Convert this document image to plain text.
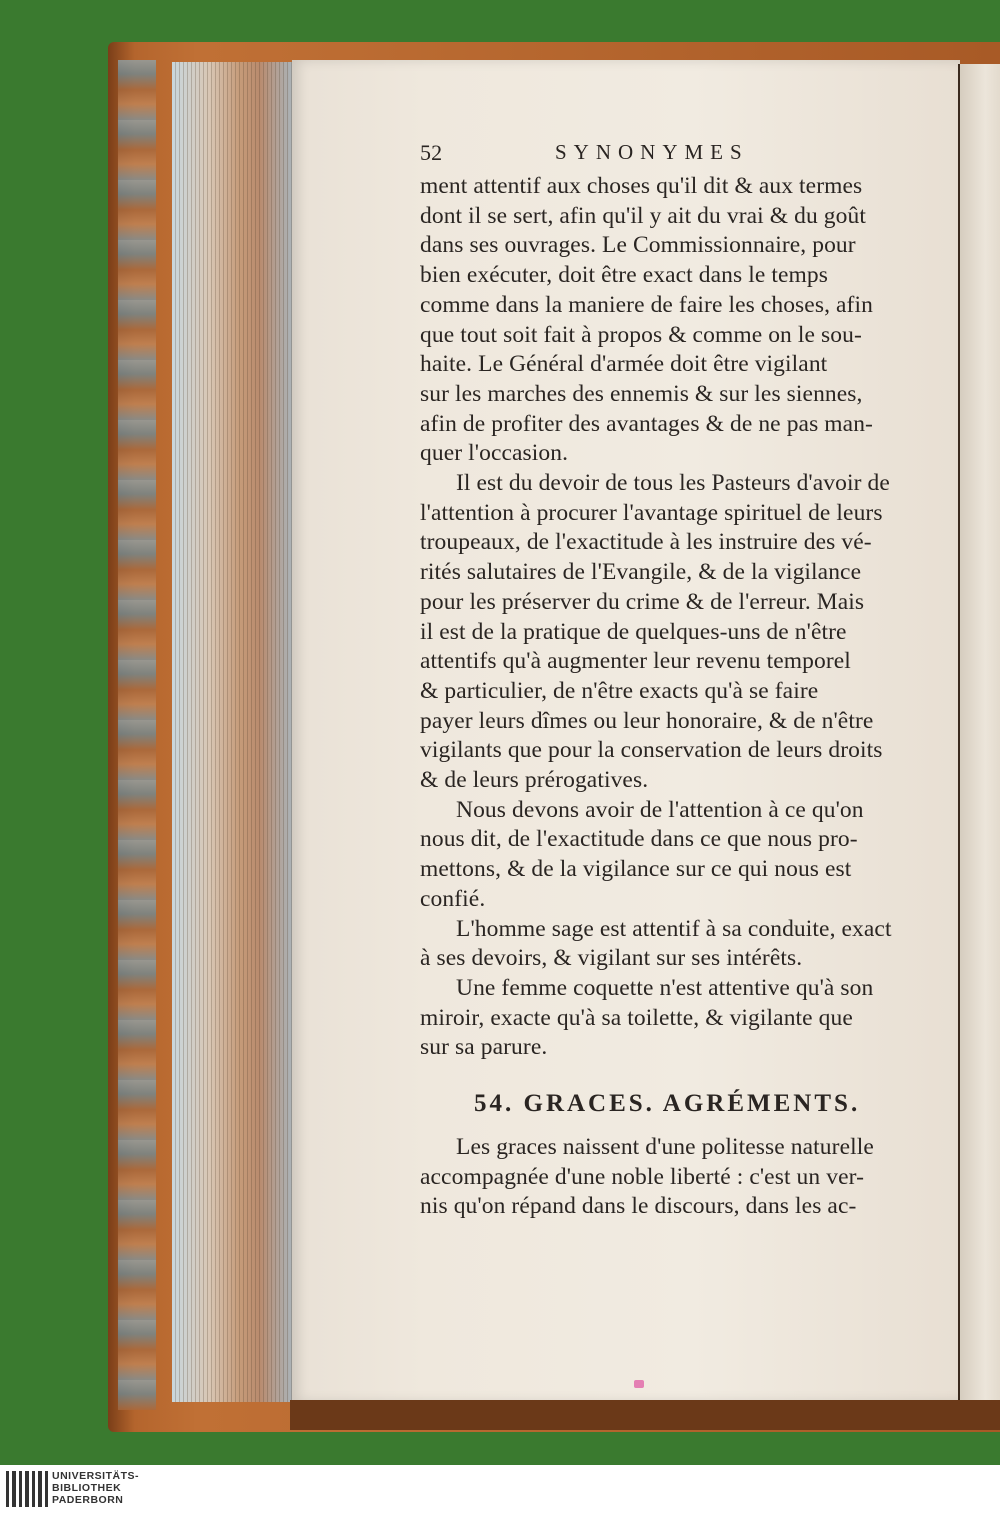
52	SYNONYMES
ment attentif aux choses qu'il dit & aux termes
dont il se sert, afin qu'il y ait du vrai & du goût
dans ses ouvrages. Le Commissionnaire, pour
bien exécuter, doit être exact dans le temps
comme dans la maniere de faire les choses, afin
que tout soit fait à propos & comme on le sou-
haite. Le Général d'armée doit être vigilant
sur les marches des ennemis & sur les siennes,
afin de profiter des avantages & de ne pas man-
quer l'occasion.
Il est du devoir de tous les Pasteurs d'avoir de
l'attention à procurer l'avantage spirituel de leurs
troupeaux, de l'exactitude à les instruire des vé-
rités salutaires de l'Evangile, & de la vigilance
pour les préserver du crime & de l'erreur. Mais
il est de la pratique de quelques-uns de n'être
attentifs qu'à augmenter leur revenu temporel
& particulier, de n'être exacts qu'à se faire
payer leurs dîmes ou leur honoraire, & de n'être
vigilants que pour la conservation de leurs droits
& de leurs prérogatives.
Nous devons avoir de l'attention à ce qu'on
nous dit, de l'exactitude dans ce que nous pro-
mettons, & de la vigilance sur ce qui nous est
confié.
L'homme sage est attentif à sa conduite, exact
à ses devoirs, & vigilant sur ses intérêts.
Une femme coquette n'est attentive qu'à son
miroir, exacte qu'à sa toilette, & vigilante que
sur sa parure.
54. GRACES. AGRÉMENTS.
Les graces naissent d'une politesse naturelle
accompagnée d'une noble liberté : c'est un ver-
nis qu'on répand dans le discours, dans les ac-
UNIVERSITÄTS-
BIBLIOTHEK
PADERBORN
